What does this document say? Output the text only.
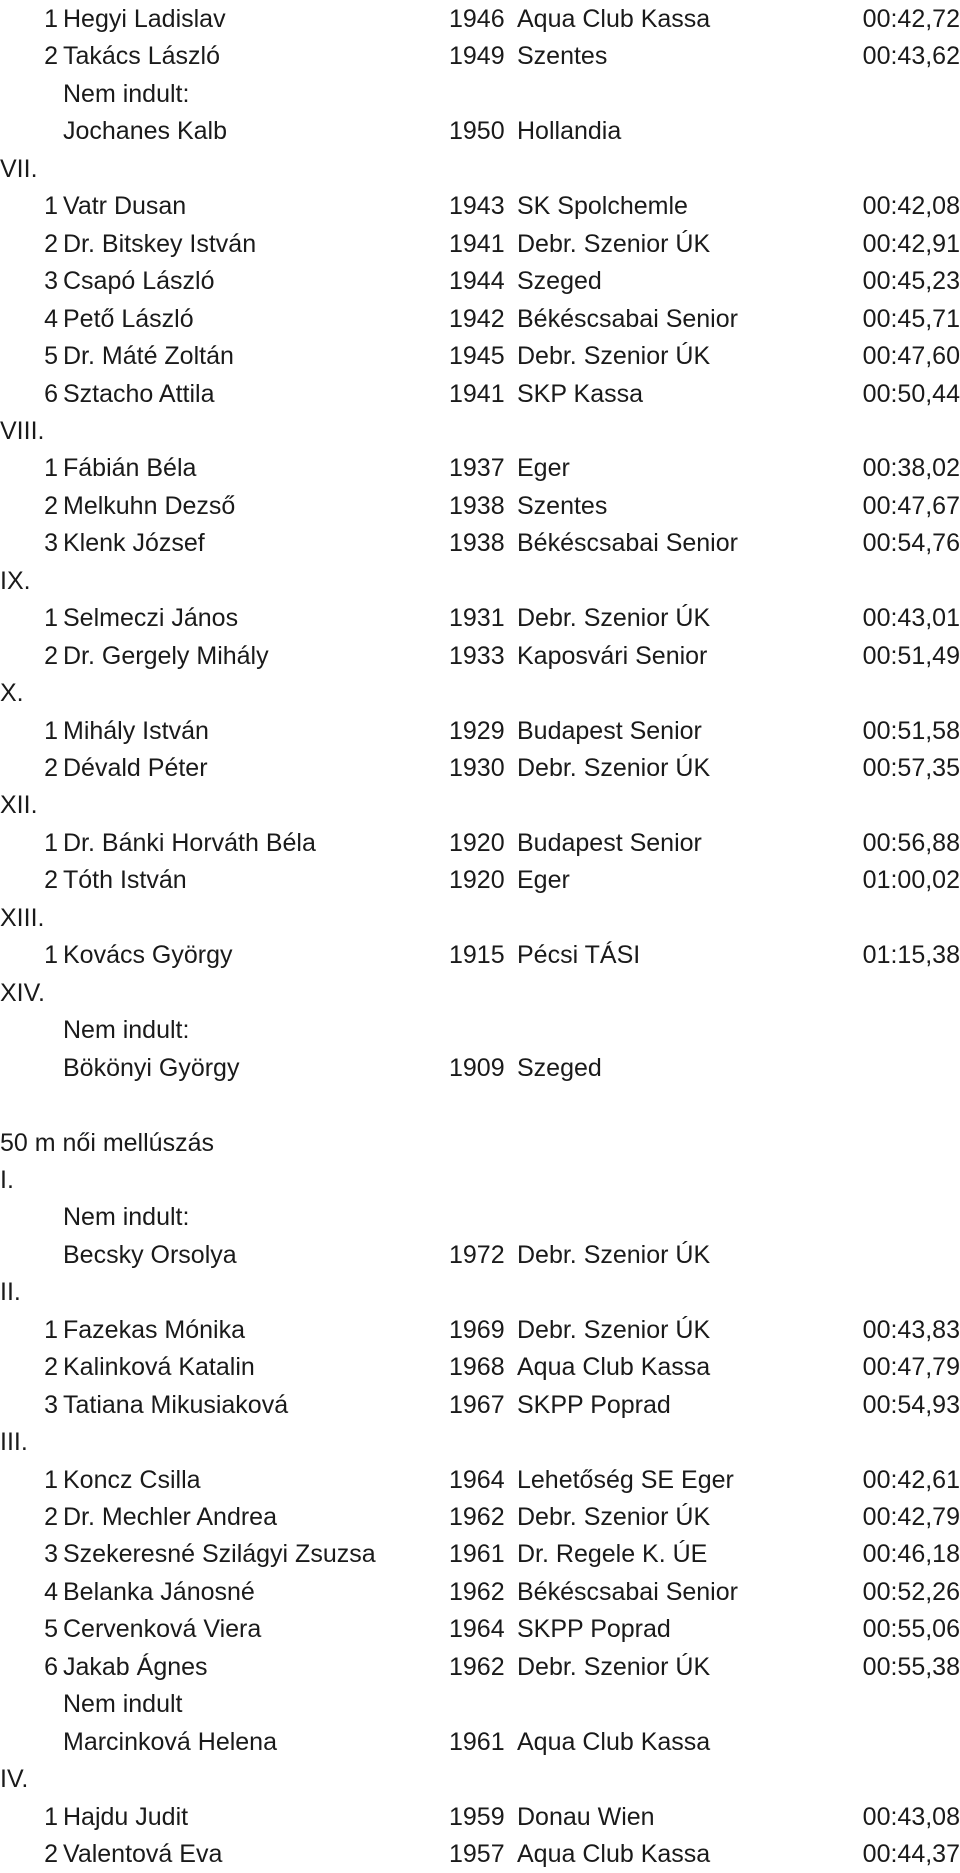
1 Hegyi Ladislav	1946 Aqua Club Kassa	00:42,72
2 Takács László	1949 Szentes	00:43,62
Nem indult:
Jochanes Kalb	1950 Hollandia
VII.
1 Vatr Dusan	1943 SK Spolchemle	00:42,08
2 Dr. Bitskey István	1941 Debr. Szenior ÚK	00:42,91
3 Csapó László	1944 Szeged	00:45,23
4 Pető László	1942 Békéscsabai Senior	00:45,71
5 Dr. Máté Zoltán	1945 Debr. Szenior ÚK	00:47,60
6 Sztacho Attila	1941 SKP Kassa	00:50,44
VIII.
1 Fábián Béla	1937 Eger	00:38,02
2 Melkuhn Dezső	1938 Szentes	00:47,67
3 Klenk József	1938 Békéscsabai Senior	00:54,76
IX.
1 Selmeczi János	1931 Debr. Szenior ÚK	00:43,01
2 Dr. Gergely Mihály	1933 Kaposvári Senior	00:51,49
X.
1 Mihály István	1929 Budapest Senior	00:51,58
2 Dévald Péter	1930 Debr. Szenior ÚK	00:57,35
XII.
1 Dr. Bánki Horváth Béla	1920 Budapest Senior	00:56,88
2 Tóth István	1920 Eger	01:00,02
XIII.
1 Kovács György	1915 Pécsi TÁSI	01:15,38
XIV.
Nem indult:
Bökönyi György	1909 Szeged
50 m női mellúszás
I.
Nem indult:
Becsky Orsolya	1972 Debr. Szenior ÚK
II.
1 Fazekas Mónika	1969 Debr. Szenior ÚK	00:43,83
2 Kalinková Katalin	1968 Aqua Club Kassa	00:47,79
3 Tatiana Mikusiaková	1967 SKPP Poprad	00:54,93
III.
1 Koncz Csilla	1964 Lehetőség SE Eger	00:42,61
2 Dr. Mechler Andrea	1962 Debr. Szenior ÚK	00:42,79
3 Szekeresné Szilágyi Zsuzsa	1961 Dr. Regele K. ÚE	00:46,18
4 Belanka Jánosné	1962 Békéscsabai Senior	00:52,26
5 Cervenková Viera	1964 SKPP Poprad	00:55,06
6 Jakab Ágnes	1962 Debr. Szenior ÚK	00:55,38
Nem indult
Marcinková Helena	1961 Aqua Club Kassa
IV.
1 Hajdu Judit	1959 Donau Wien	00:43,08
2 Valentová Eva	1957 Aqua Club Kassa	00:44,37
